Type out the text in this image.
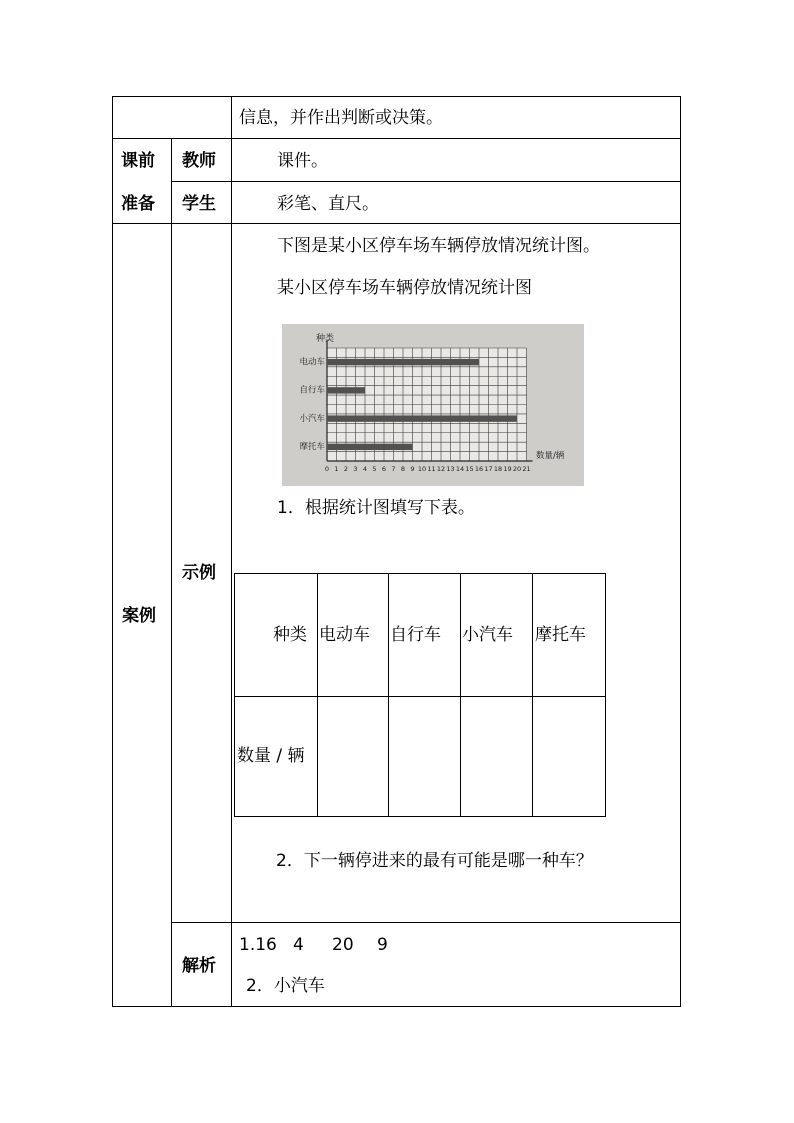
信息，并作出判断或决策。
课前
准备
教师	课件。
学生	彩笔、直尺。
案例
示例
下图是某小区停车场车辆停放情况统计图。
某小区停车场车辆停放情况统计图
种类
电动车
自行车
小汽车
摩托车
0 1 2 3 4 5 6 7 8 9 10 11 12 13 14 15 16 17 18 19 20 21
数量/辆
1．根据统计图填写下表。
种类 电动车 自行车 小汽车 摩托车
数量 / 辆
2．下一辆停进来的最有可能是哪一种车？
解析
1.16 4 20 9
2．小汽车
